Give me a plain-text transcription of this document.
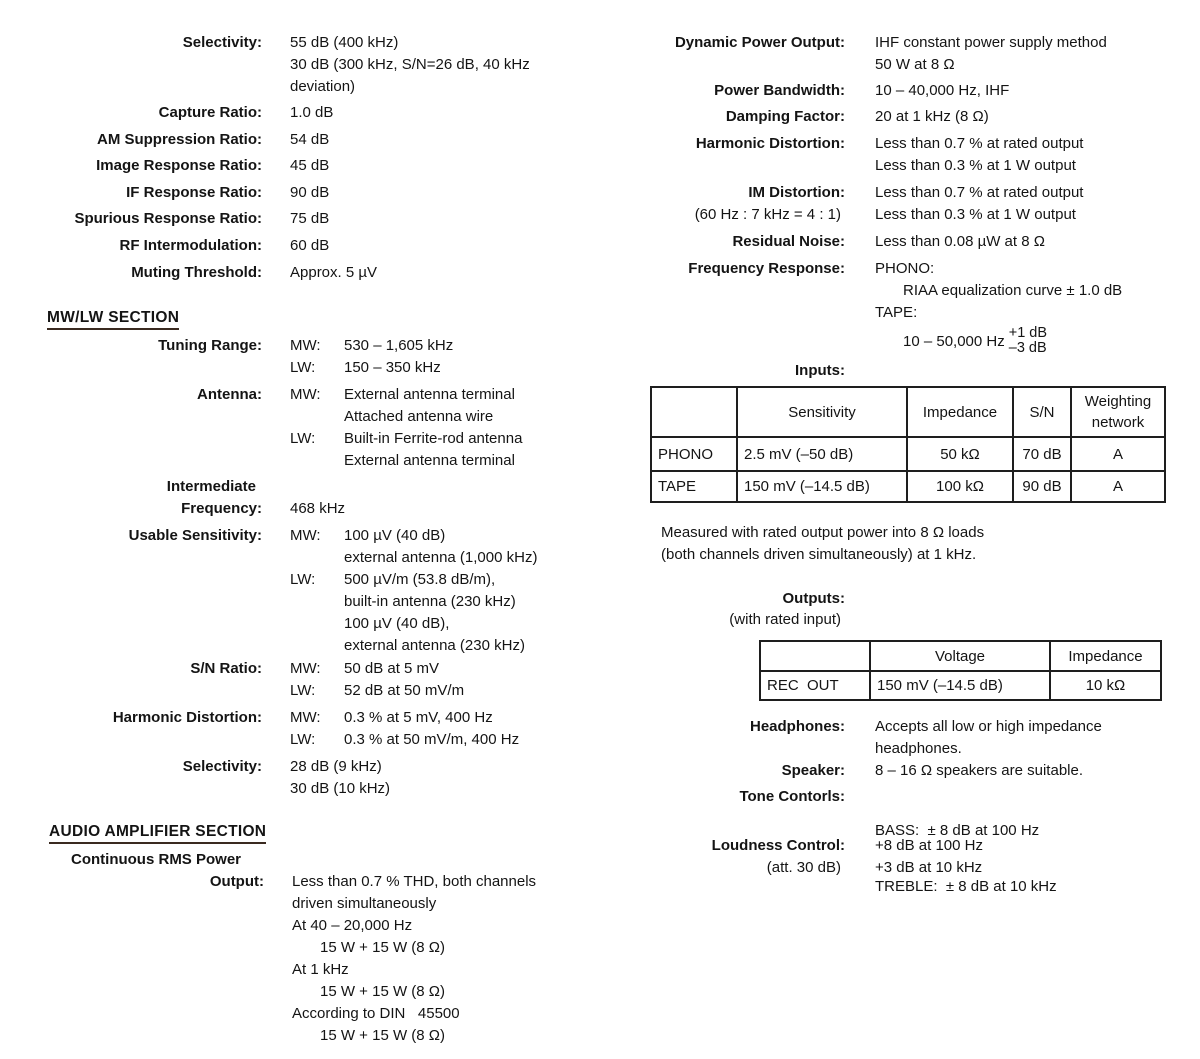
Selectivity: 55 dB (400 kHz)
30 dB (300 kHz, S/N=26 dB, 40 kHz
deviation)
Capture Ratio: 1.0 dB
AM Suppression Ratio: 54 dB
Image Response Ratio: 45 dB
IF Response Ratio: 90 dB
Spurious Response Ratio: 75 dB
RF Intermodulation: 60 dB
Muting Threshold: Approx. 5 µV
MW/LW SECTION
Tuning Range: MW: 530 – 1,605 kHz
LW: 150 – 350 kHz
Antenna: MW: External antenna terminal
Attached antenna wire
LW: Built-in Ferrite-rod antenna
External antenna terminal
Intermediate
Frequency: 468 kHz
Usable Sensitivity: MW: 100 µV (40 dB)
external antenna (1,000 kHz)
LW: 500 µV/m (53.8 dB/m),
built-in antenna (230 kHz)
100 µV (40 dB),
external antenna (230 kHz)
S/N Ratio: MW: 50 dB at 5 mV
LW: 52 dB at 50 mV/m
Harmonic Distortion: MW: 0.3 % at 5 mV, 400 Hz
LW: 0.3 % at 50 mV/m, 400 Hz
Selectivity: 28 dB (9 kHz)
30 dB (10 kHz)
AUDIO AMPLIFIER SECTION
Continuous RMS Power
Output: Less than 0.7 % THD, both channels
driven simultaneously
At 40 – 20,000 Hz
15 W + 15 W (8 Ω)
At 1 kHz
15 W + 15 W (8 Ω)
According to DIN   45500
15 W + 15 W (8 Ω)
Dynamic Power Output: IHF constant power supply method
50 W at 8 Ω
Power Bandwidth: 10 – 40,000 Hz, IHF
Damping Factor: 20 at 1 kHz (8 Ω)
Harmonic Distortion: Less than 0.7 % at rated output
Less than 0.3 % at 1 W output
IM Distortion:
(60 Hz : 7 kHz = 4 : 1)
Less than 0.7 % at rated output
Less than 0.3 % at 1 W output
Residual Noise: Less than 0.08 µW at 8 Ω
Frequency Response: PHONO:
RIAA equalization curve ± 1.0 dB
TAPE:
10 – 50,000 Hz +1 dB
–3 dB
Inputs:
	Sensitivity	Impedance	S/N	Weighting network
PHONO	2.5 mV (–50 dB)	50 kΩ	70 dB	A
TAPE	150 mV (–14.5 dB)	100 kΩ	90 dB	A
Measured with rated output power into 8 Ω loads
(both channels driven simultaneously) at 1 kHz.
Outputs:
(with rated input)
	Voltage	Impedance
REC  OUT	150 mV (–14.5 dB)	10 kΩ
Headphones: Accepts all low or high impedance
headphones.
Speaker: 8 – 16 Ω speakers are suitable.
Tone Contorls:

BASS:  ± 8 dB at 100 Hz

TREBLE:  ± 8 dB at 10 kHz

Loudness Control:
(att. 30 dB)
+8 dB at 100 Hz
+3 dB at 10 kHz
